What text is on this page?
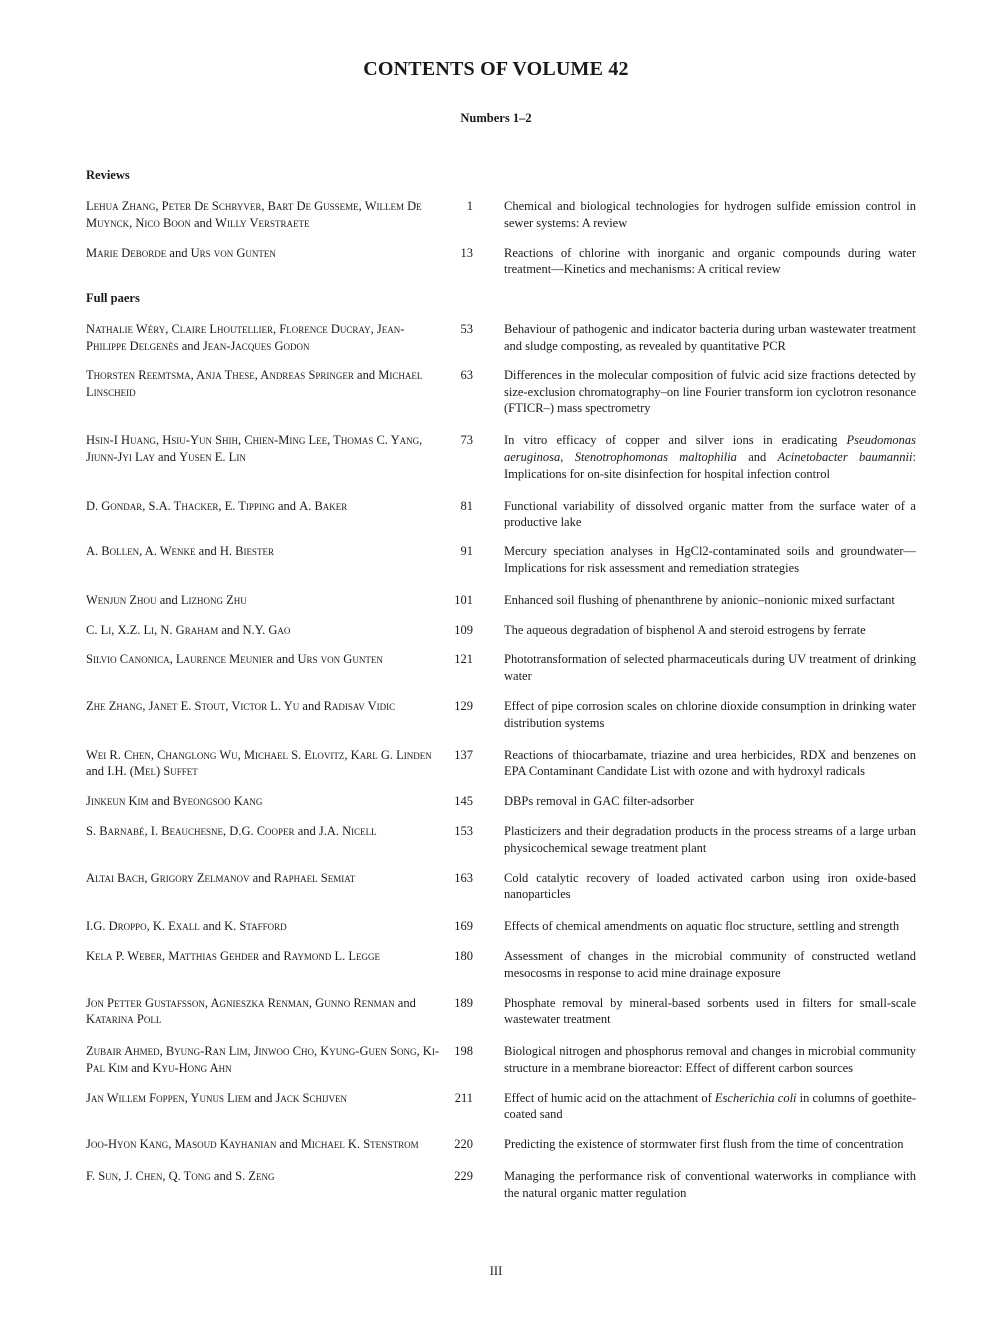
CONTENTS OF VOLUME 42
Numbers 1–2
Reviews
Lehua Zhang, Peter De Schryver, Bart De Gusseme, Willem De Muynck, Nico Boon and Willy Verstraete
1 Chemical and biological technologies for hydrogen sulfide emission control in sewer systems: A review
Marie Deborde and Urs von Gunten	13 Reactions of chlorine with inorganic and organic compounds during water treatment—Kinetics and mechanisms: A critical review
Full paers
Nathalie Wéry, Claire Lhoutellier, Florence Ducray, Jean-Philippe Delgenès and Jean-Jacques Godon
53 Behaviour of pathogenic and indicator bacteria during urban wastewater treatment and sludge composting, as revealed by quantitative PCR
Thorsten Reemtsma, Anja These, Andreas Springer and Michael Linscheid
63 Differences in the molecular composition of fulvic acid size fractions detected by size-exclusion chromatography–on line Fourier transform ion cyclotron resonance (FTICR–) mass spectrometry
Hsin-I Huang, Hsiu-Yun Shih, Chien-Ming Lee, Thomas C. Yang, Jiunn-Jyi Lay and Yusen E. Lin
73 In vitro efficacy of copper and silver ions in eradicating Pseudomonas aeruginosa, Stenotrophomonas maltophilia and Acinetobacter baumannii: Implications for on-site disinfection for hospital infection control
D. Gondar, S.A. Thacker, E. Tipping and A. Baker	81 Functional variability of dissolved organic matter from the surface water of a productive lake
A. Bollen, A. Wenke and H. Biester	91 Mercury speciation analyses in HgCl2-contaminated soils and groundwater—Implications for risk assessment and remediation strategies
Wenjun Zhou and Lizhong Zhu	101 Enhanced soil flushing of phenanthrene by anionic–nonionic mixed surfactant
C. Li, X.Z. Li, N. Graham and N.Y. Gao	109 The aqueous degradation of bisphenol A and steroid estrogens by ferrate
Silvio Canonica, Laurence Meunier and Urs von Gunten	121 Phototransformation of selected pharmaceuticals during UV treatment of drinking water
Zhe Zhang, Janet E. Stout, Victor L. Yu and Radisav Vidic	129 Effect of pipe corrosion scales on chlorine dioxide consumption in drinking water distribution systems
Wei R. Chen, Changlong Wu, Michael S. Elovitz, Karl G. Linden and I.H. (Mel) Suffet
137 Reactions of thiocarbamate, triazine and urea herbicides, RDX and benzenes on EPA Contaminant Candidate List with ozone and with hydroxyl radicals
Jinkeun Kim and Byeongsoo Kang	145 DBPs removal in GAC filter-adsorber
S. Barnabé, I. Beauchesne, D.G. Cooper and J.A. Nicell	153 Plasticizers and their degradation products in the process streams of a large urban physicochemical sewage treatment plant
Altai Bach, Grigory Zelmanov and Raphael Semiat	163 Cold catalytic recovery of loaded activated carbon using iron oxide-based nanoparticles
I.G. Droppo, K. Exall and K. Stafford	169 Effects of chemical amendments on aquatic floc structure, settling and strength
Kela P. Weber, Matthias Gehder and Raymond L. Legge	180 Assessment of changes in the microbial community of constructed wetland mesocosms in response to acid mine drainage exposure
Jon Petter Gustafsson, Agnieszka Renman, Gunno Renman and Katarina Poll
189 Phosphate removal by mineral-based sorbents used in filters for small-scale wastewater treatment
Zubair Ahmed, Byung-Ran Lim, Jinwoo Cho, Kyung-Guen Song, Ki-Pal Kim and Kyu-Hong Ahn
198 Biological nitrogen and phosphorus removal and changes in microbial community structure in a membrane bioreactor: Effect of different carbon sources
Jan Willem Foppen, Yunus Liem and Jack Schijven	211 Effect of humic acid on the attachment of Escherichia coli in columns of goethite-coated sand
Joo-Hyon Kang, Masoud Kayhanian and Michael K. Stenstrom	220 Predicting the existence of stormwater first flush from the time of concentration
F. Sun, J. Chen, Q. Tong and S. Zeng	229 Managing the performance risk of conventional waterworks in compliance with the natural organic matter regulation
III
